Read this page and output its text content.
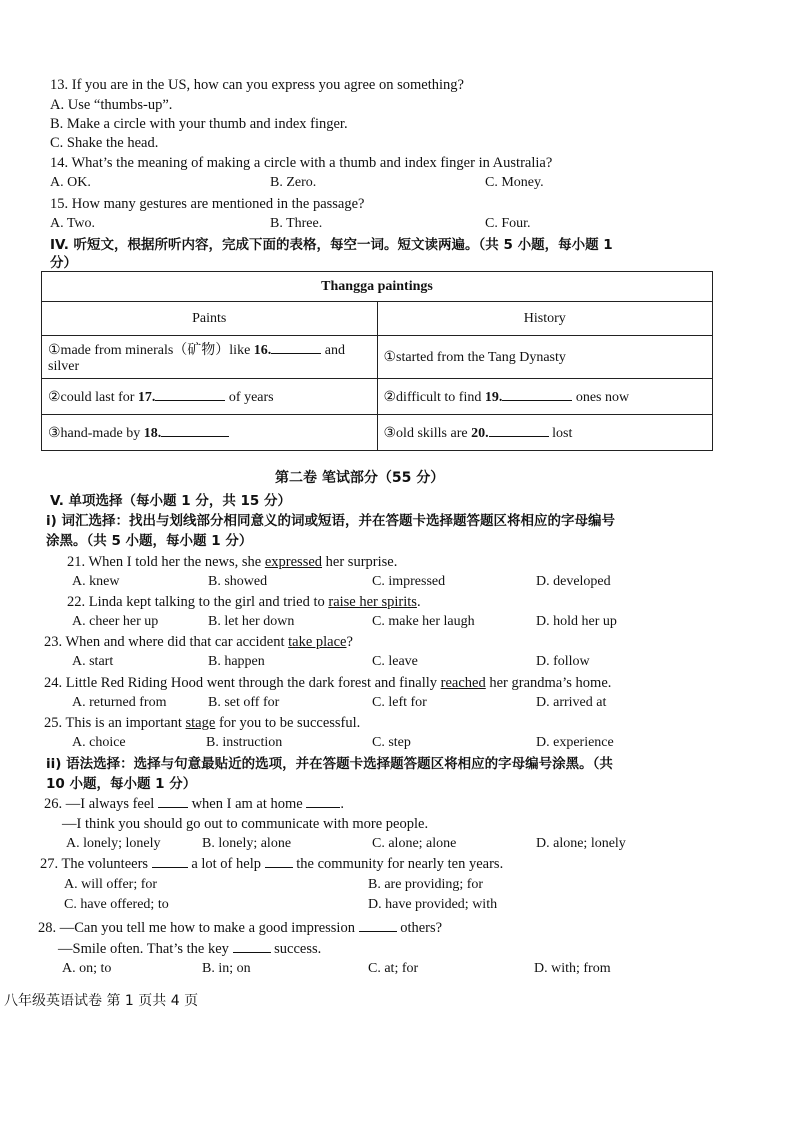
13. If you are in the US, how can you express you agree on something?
A. Use “thumbs-up”.
B. Make a circle with your thumb and index finger.
C. Shake the head.
14. What’s the meaning of making a circle with a thumb and index finger in Australia?
A. OK.	B. Zero.	C. Money.
15. How many gestures are mentioned in the passage?
A. Two.	B. Three.	C. Four.
IV. 听短文，根据所听内容，完成下面的表格，每空一词。短文读两遍。（共 5 小题，每小题 1
分）
Thangga paintings	
Paints	History
①made from minerals（矿物）like 16. and
silver	①started from the Tang Dynasty
②could last for 17. of years	②difficult to find 19. ones now
③hand-made by 18.	③old skills are 20. lost
第二卷 笔试部分（55 分）
V. 单项选择（每小题 1 分，共 15 分）
i) 词汇选择：找出与划线部分相同意义的词或短语，并在答题卡选择题答题区将相应的字母编号
涂黑。（共 5 小题，每小题 1 分）
21. When I told her the news, she expressed her surprise.
A. knew	B. showed	C. impressed	D. developed
22. Linda kept talking to the girl and tried to raise her spirits.
A. cheer her up	B. let her down	C. make her laugh	D. hold her up
23. When and where did that car accident take place?
A. start	B. happen	C. leave	D. follow
24. Little Red Riding Hood went through the dark forest and finally reached her grandma’s home.
A. returned from	B. set off for	C. left for	D. arrived at
25. This is an important stage for you to be successful.
A. choice	B. instruction	C. step	D. experience
ii) 语法选择：选择与句意最贴近的选项，并在答题卡选择题答题区将相应的字母编号涂黑。（共
10 小题，每小题 1 分）
26. —I always feel  when I am at home .
—I think you should go out to communicate with more people.
A. lonely; lonely	B. lonely; alone	C. alone; alone	D. alone; lonely
27. The volunteers  a lot of help  the community for nearly ten years.
A. will offer; for	B. are providing; for
C. have offered; to	D. have provided; with
28. —Can you tell me how to make a good impression	others?
—Smile often. That’s the key	success.
A. on; to	B. in; on	C. at; for	D. with; from
八年级英语试卷 第 1 页共 4 页
